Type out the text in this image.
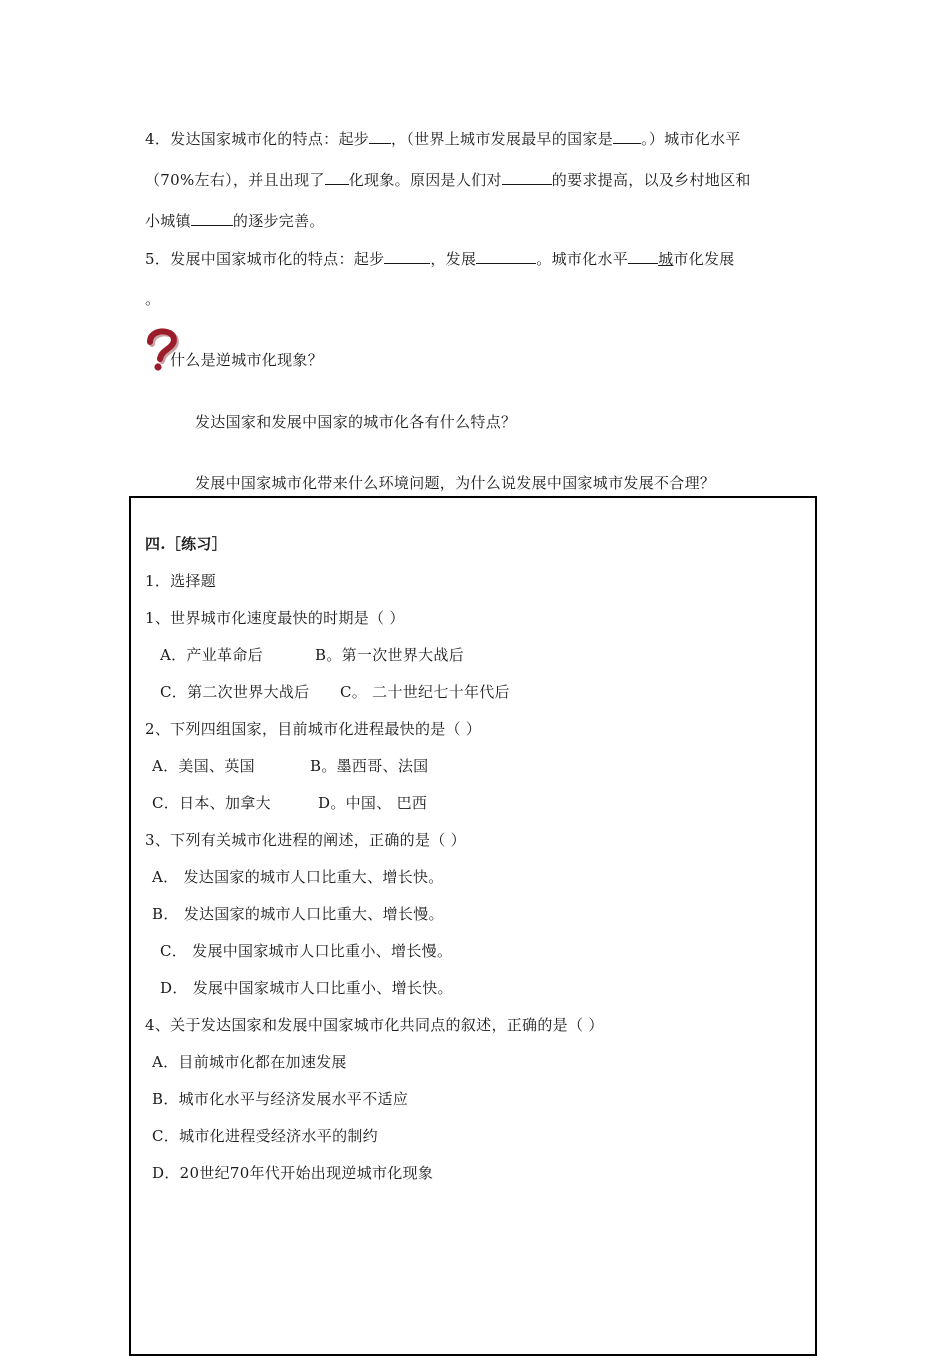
4．发达国家城市化的特点：起步 ，（世界上城市发展最早的国家是 。）城市化水平
（70%左右），并且出现了 化现象。原因是人们对	的要求提高，以及乡村地区和
小城镇	的逐步完善。
5．发展中国家城市化的特点：起步	，发展	。城市化水平 城市化发展
。
什么是逆城市化现象？
发达国家和发展中国家的城市化各有什么特点？
发展中国家城市化带来什么环境问题，为什么说发展中国家城市发展不合理？
四.［练习］
1．选择题
1、世界城市化速度最快的时期是（ ）
A．产业革命后	B。第一次世界大战后
C．第二次世界大战后 C。 二十世纪七十年代后
2、下列四组国家，目前城市化进程最快的是（ ）
A．美国、英国	B。墨西哥、法国
C．日本、加拿大	D。中国、 巴西
3、下列有关城市化进程的阐述，正确的是（ ）
A． 发达国家的城市人口比重大、增长快。
B． 发达国家的城市人口比重大、增长慢。
C． 发展中国家城市人口比重小、增长慢。
D． 发展中国家城市人口比重小、增长快。
4、关于发达国家和发展中国家城市化共同点的叙述，正确的是（ ）
A．目前城市化都在加速发展
B．城市化水平与经济发展水平不适应
C．城市化进程受经济水平的制约
D．20世纪70年代开始出现逆城市化现象
